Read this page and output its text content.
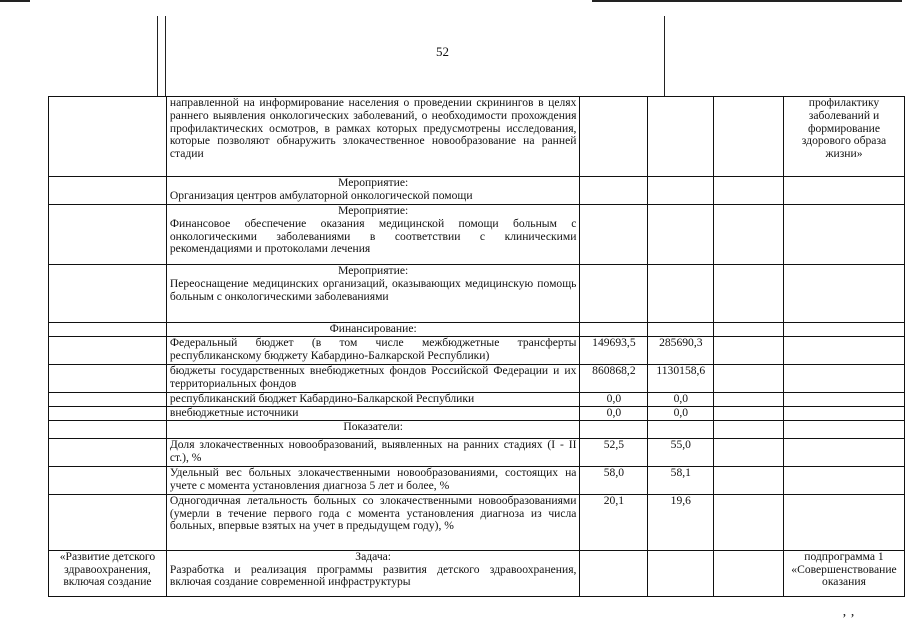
52
	направленной на информирование населения о проведении скринингов в целях раннего выявления онкологических заболеваний, о необходимости прохождения профилактических осмотров, в рамках которых предусмотрены исследования, которые позволяют обнаружить злокачественное новообразование на ранней стадии				профилактику заболеваний и формирование здорового образа жизни»

	Мероприятие:
Организация центров амбулаторной онкологической помощи				

	Мероприятие:
Финансовое обеспечение оказания медицинской помощи больным с онкологическими заболеваниями в соответствии с клиническими рекомендациями и протоколами лечения				

	Мероприятие:
Переоснащение медицинских организаций, оказывающих медицинскую помощь больным с онкологическими заболеваниями				

	Финансирование:				

	Федеральный бюджет (в том числе межбюджетные трансферты республиканскому бюджету Кабардино-Балкарской Республики)	149693,5	285690,3		
	бюджеты государственных внебюджетных фондов Российской Федерации и их территориальных фондов	860868,2	1130158,6		
	республиканский бюджет Кабардино-Балкарской Республики	0,0	0,0		
	внебюджетные источники	0,0	0,0		

	Показатели:				

	Доля злокачественных новообразований, выявленных на ранних стадиях (I - II ст.), %	52,5	55,0		
	Удельный вес больных злокачественными новообразованиями, состоящих на учете с момента установления диагноза 5 лет и более, %	58,0	58,1		
	Одногодичная летальность больных со злокачественными новообразованиями (умерли в течение первого года с момента установления диагноза из числа больных, впервые взятых на учет в предыдущем году), %	20,1	19,6		
«Развитие детского здравоохранения, включая создание	Задача:
Разработка и реализация программы развития детского здравоохранения, включая создание современной инфраструктуры				подпрограмма 1 «Совершенствование оказания
ʼ ʼ
